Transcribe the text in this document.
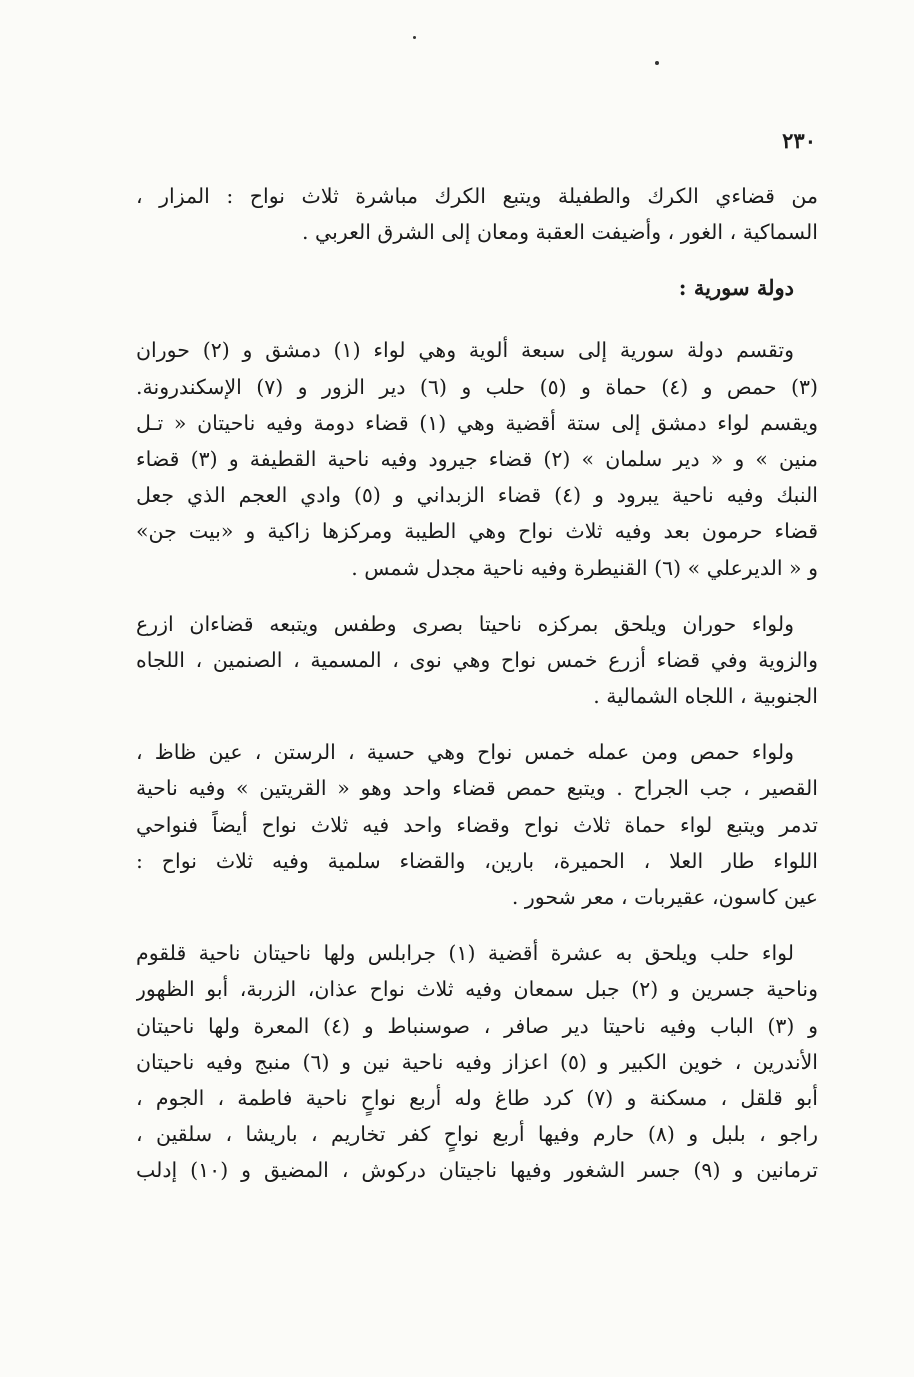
٢٣٠
من قضاءي الكرك والطفيلة ويتبع الكرك مباشرة ثلاث نواح : المزار ،
السماكية ، الغور ، وأضيفت العقبة ومعان إلى الشرق العربي .
دولة سورية :
وتقسم دولة سورية إلى سبعة ألوية وهي لواء (١) دمشق و (٢) حوران
(٣) حمص و (٤) حماة و (٥) حلب و (٦) دير الزور و (٧) الإسكندرونة.
ويقسم لواء دمشق إلى ستة أقضية وهي (١) قضاء دومة وفيه ناحيتان « تـل
منين » و « دير سلمان » (٢) قضاء جيرود وفيه ناحية القطيفة و (٣) قضاء
النبك وفيه ناحية يبرود و (٤) قضاء الزبداني و (٥) وادي العجم الذي جعل
قضاء حرمون بعد وفيه ثلاث نواح وهي الطيبة ومركزها زاكية و «بيت جن»
و « الديرعلي » (٦) القنيطرة وفيه ناحية مجدل شمس .
ولواء حوران ويلحق بمركزه ناحيتا بصرى وطفس ويتبعه قضاءان ازرع
والزوية وفي قضاء أزرع خمس نواح وهي نوى ، المسمية ، الصنمين ، اللجاه
الجنوبية ، اللجاه الشمالية .
ولواء حمص ومن عمله خمس نواح وهي حسية ، الرستن ، عين ظاظ ،
القصير ، جب الجراح . ويتبع حمص قضاء واحد وهو « القريتين » وفيه ناحية
تدمر ويتبع لواء حماة ثلاث نواح وقضاء واحد فيه ثلاث نواح أيضاً فنواحي
اللواء طار العلا ، الحميرة، بارين، والقضاء سلمية وفيه ثلاث نواح :
عين كاسون، عقيربات ، معر شحور .
لواء حلب ويلحق به عشرة أقضية (١) جرابلس ولها ناحيتان ناحية قلقوم
وناحية جسرين و (٢) جبل سمعان وفيه ثلاث نواح عذان، الزربة، أبو الظهور
و (٣) الباب وفيه ناحيتا دير صافر ، صوسنباط و (٤) المعرة ولها ناحيتان
الأندرين ، خوين الكبير و (٥) اعزاز وفيه ناحية نين و (٦) منبج وفيه ناحيتان
أبو قلقل ، مسكنة و (٧) كرد طاغ وله أربع نواحٍ ناحية فاطمة ، الجوم ،
راجو ، بلبل و (٨) حارم وفيها أربع نواحٍ كفر تخاريم ، باريشا ، سلقين ،
ترمانين و (٩) جسر الشغور وفيها ناجيتان دركوش ، المضيق و (١٠) إدلب
